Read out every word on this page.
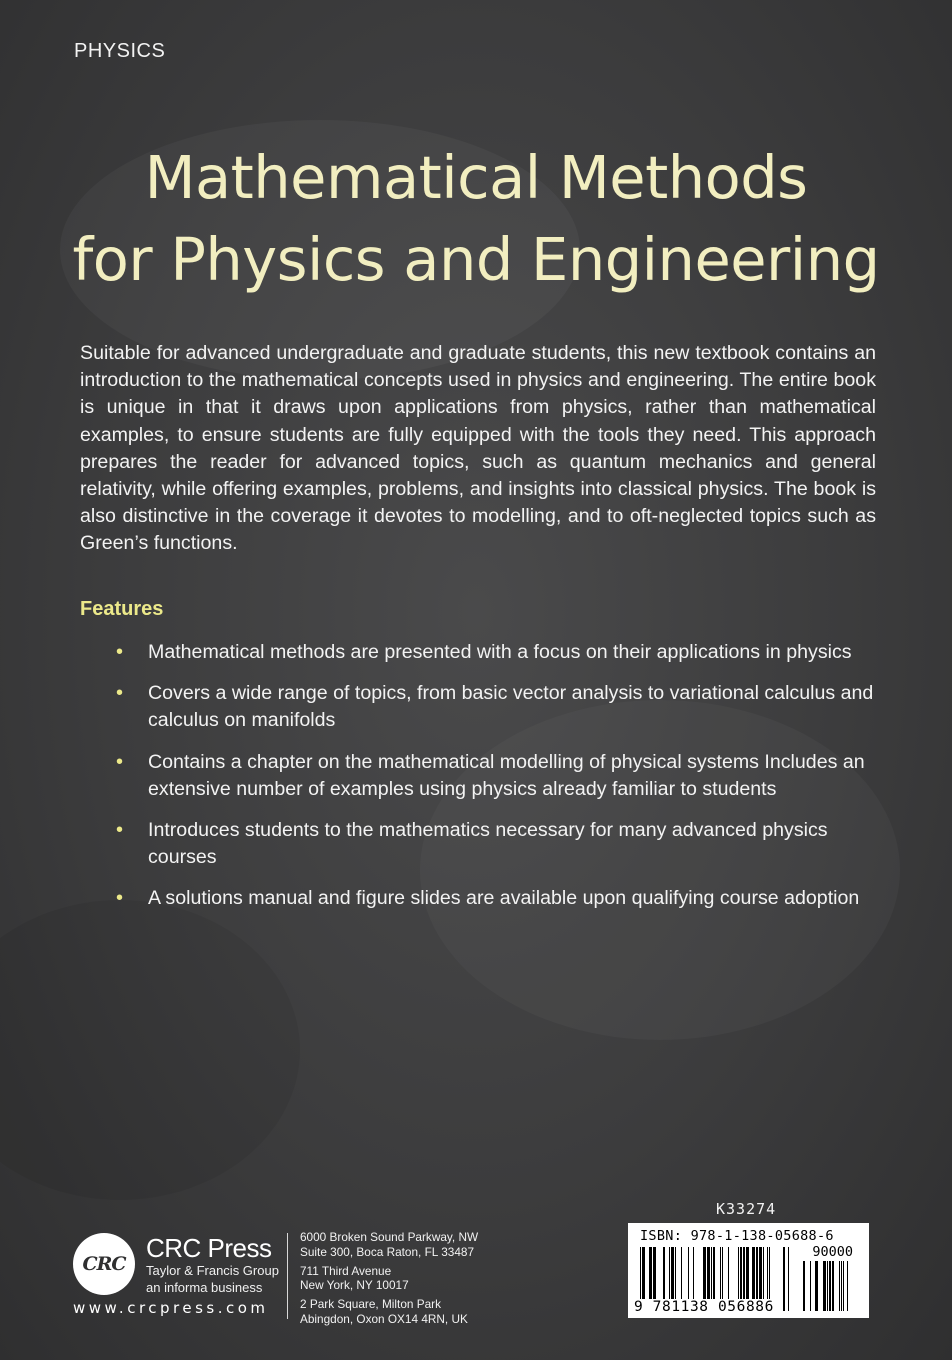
PHYSICS
Mathematical Methods
for Physics and Engineering

Suitable for advanced undergraduate and graduate students, this new textbook contains an introduction to the mathematical concepts used in physics and engineering. The entire book is unique in that it draws upon applications from physics, rather than mathematical examples, to ensure students are fully equipped with the tools they need. This approach prepares the reader for advanced topics, such as quantum mechanics and general relativity, while offering examples, problems, and insights into classical physics. The book is also distinctive in the coverage it devotes to modelling, and to oft-neglected topics such as Green’s functions.

Features
• Mathematical methods are presented with a focus on their applications in physics
• Covers a wide range of topics, from basic vector analysis to variational calculus and calculus on manifolds
• Contains a chapter on the mathematical modelling of physical systems Includes an extensive number of examples using physics already familiar to students
• Introduces students to the mathematics necessary for many advanced physics courses
• A solutions manual and figure slides are available upon qualifying course adoption
CRC
CRC Press
Taylor & Francis Group
an informa business
www.crcpress.com
6000 Broken Sound Parkway, NW
Suite 300, Boca Raton, FL 33487
711 Third Avenue
New York, NY 10017
2 Park Square, Milton Park
Abingdon, Oxon OX14 4RN, UK
K33274
ISBN: 978-1-138-05688-6
90000
9 781138 056886
